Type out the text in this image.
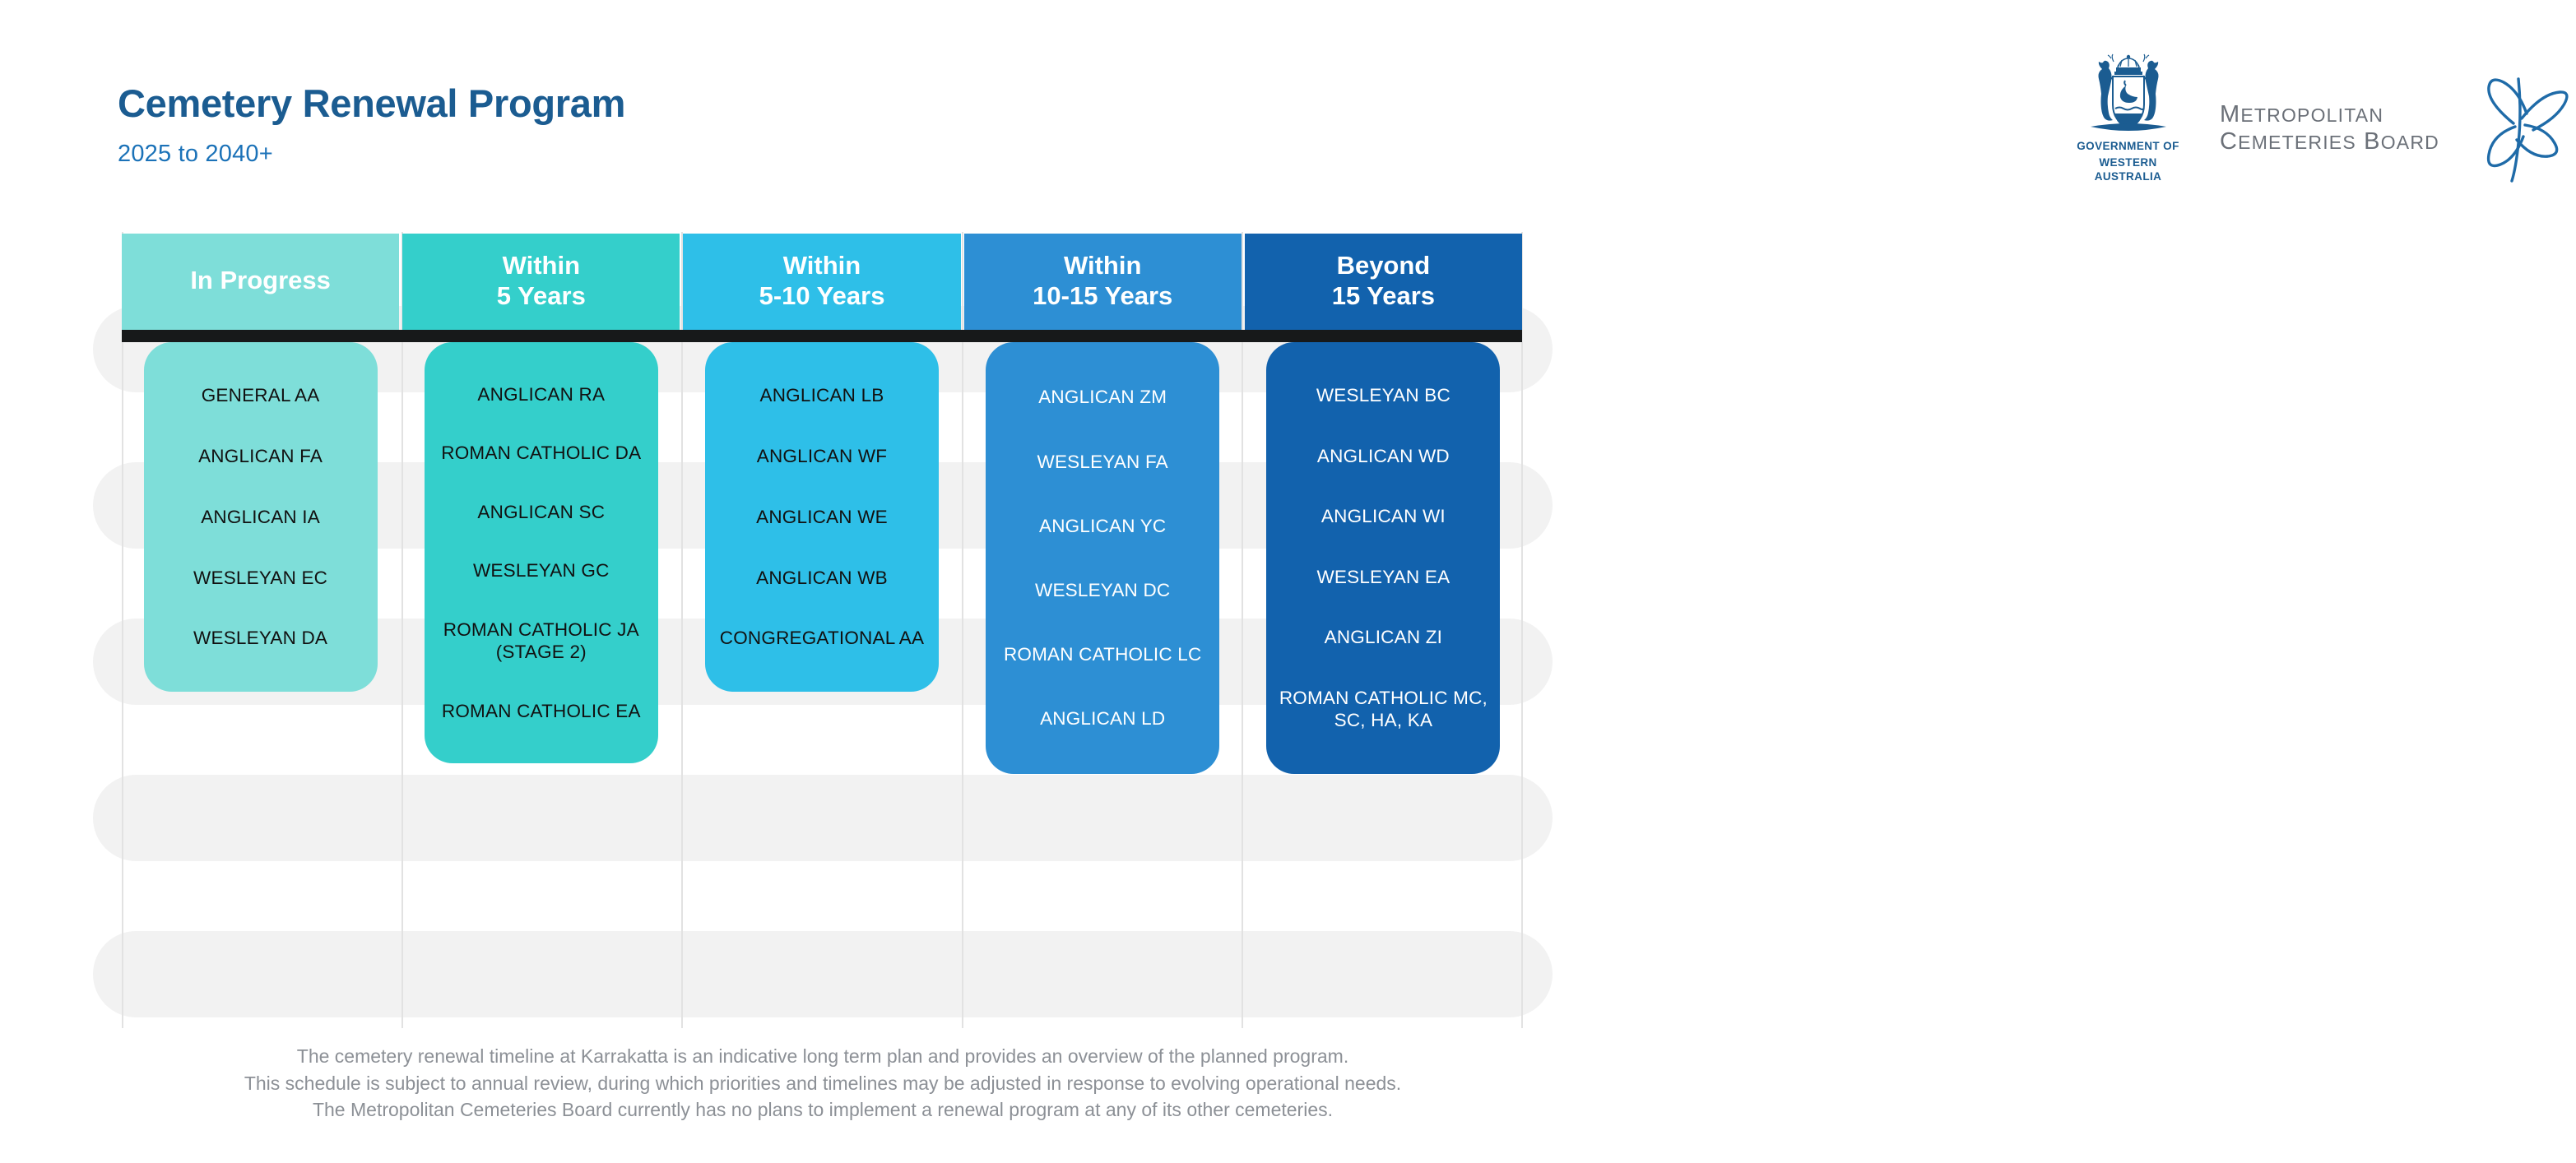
Cemetery Renewal Program
2025 to 2040+	GOVERNMENT OF
WESTERN AUSTRALIA
METROPOLITAN
CEMETERIES BOARD
In Progress
Within
5 Years
Within
5-10 Years
Within
10-15 Years
Beyond
15 Years
GENERAL AA
ANGLICAN FA
ANGLICAN IA
WESLEYAN EC
WESLEYAN DA
ANGLICAN RA
ROMAN CATHOLIC DA
ANGLICAN SC
WESLEYAN GC
ROMAN CATHOLIC JA (STAGE 2)
ROMAN CATHOLIC EA
ANGLICAN LB
ANGLICAN WF
ANGLICAN WE
ANGLICAN WB
CONGREGATIONAL AA
ANGLICAN ZM
WESLEYAN FA
ANGLICAN YC
WESLEYAN DC
ROMAN CATHOLIC LC
ANGLICAN LD
WESLEYAN BC
ANGLICAN WD
ANGLICAN WI
WESLEYAN EA
ANGLICAN ZI
ROMAN CATHOLIC MC, SC, HA, KA
The cemetery renewal timeline at Karrakatta is an indicative long term plan and provides an overview of the planned program.
This schedule is subject to annual review, during which priorities and timelines may be adjusted in response to evolving operational needs.
The Metropolitan Cemeteries Board currently has no plans to implement a renewal program at any of its other cemeteries.
